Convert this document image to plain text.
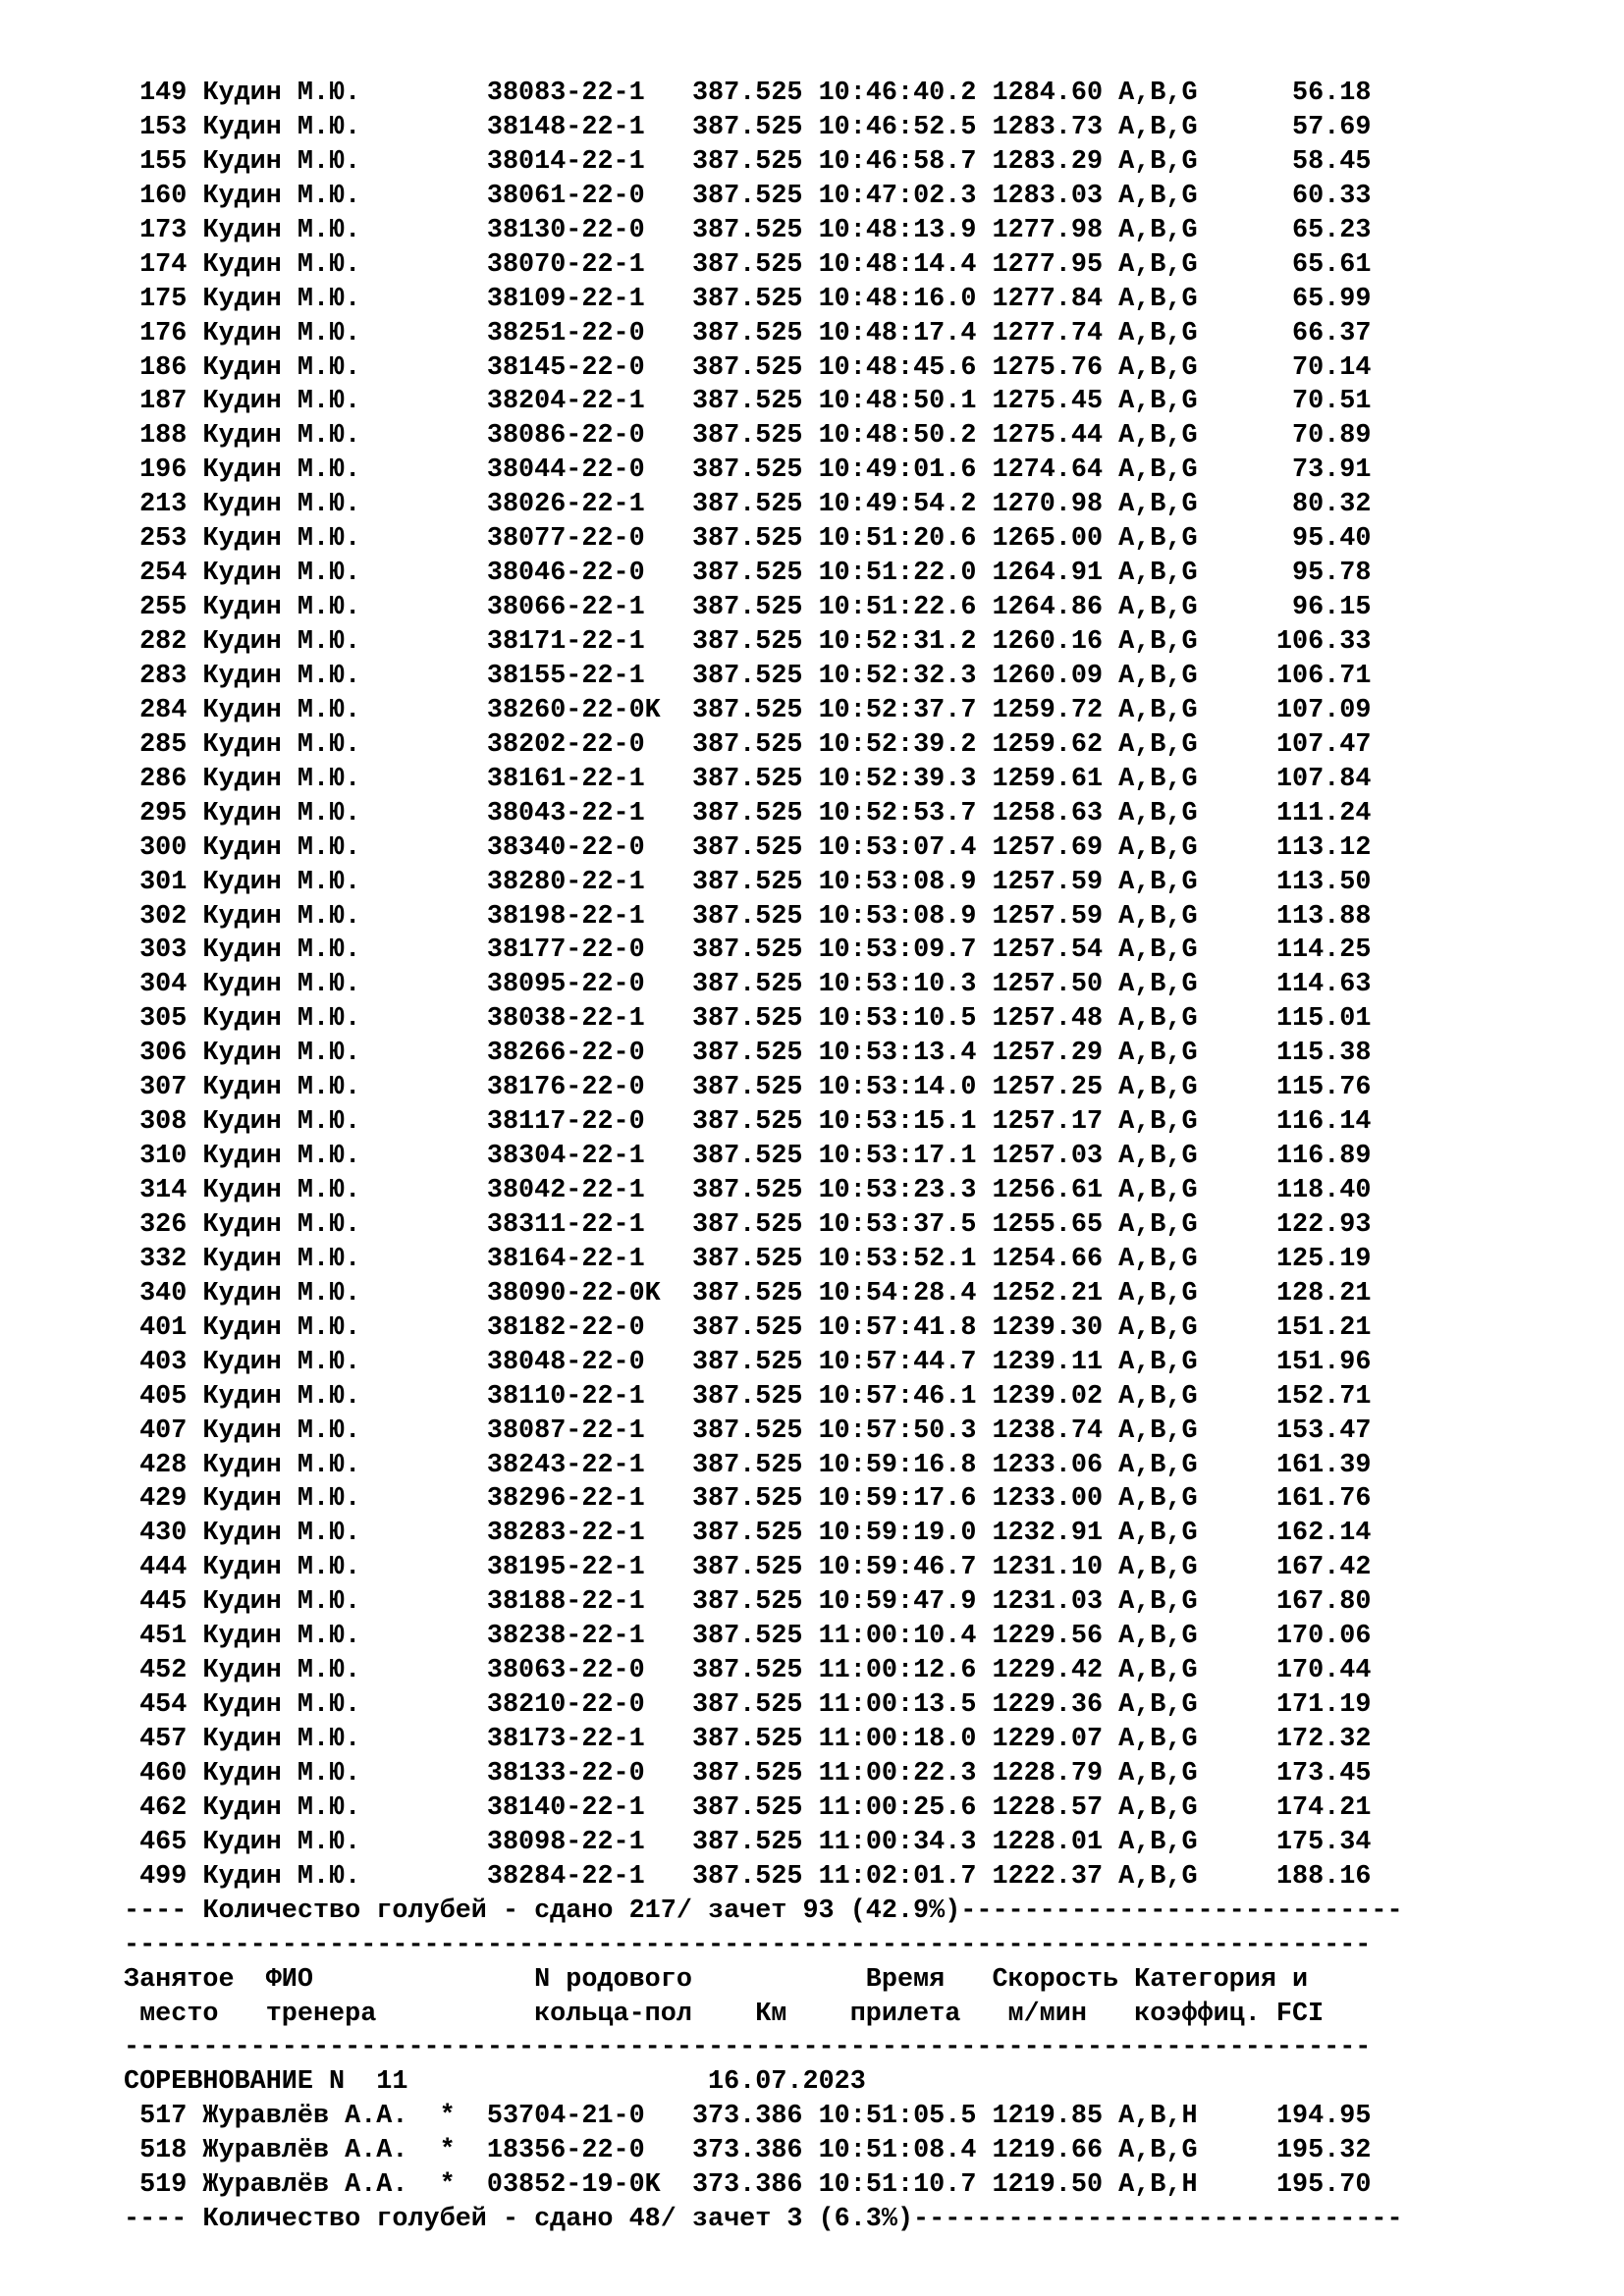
149 Кудин М.Ю.        38083-22-1   387.525 10:46:40.2 1284.60 A,B,G      56.18
153 Кудин М.Ю.        38148-22-1   387.525 10:46:52.5 1283.73 A,B,G      57.69
155 Кудин М.Ю.        38014-22-1   387.525 10:46:58.7 1283.29 A,B,G      58.45
160 Кудин М.Ю.        38061-22-0   387.525 10:47:02.3 1283.03 A,B,G      60.33
173 Кудин М.Ю.        38130-22-0   387.525 10:48:13.9 1277.98 A,B,G      65.23
174 Кудин М.Ю.        38070-22-1   387.525 10:48:14.4 1277.95 A,B,G      65.61
175 Кудин М.Ю.        38109-22-1   387.525 10:48:16.0 1277.84 A,B,G      65.99
176 Кудин М.Ю.        38251-22-0   387.525 10:48:17.4 1277.74 A,B,G      66.37
186 Кудин М.Ю.        38145-22-0   387.525 10:48:45.6 1275.76 A,B,G      70.14
187 Кудин М.Ю.        38204-22-1   387.525 10:48:50.1 1275.45 A,B,G      70.51
188 Кудин М.Ю.        38086-22-0   387.525 10:48:50.2 1275.44 A,B,G      70.89
196 Кудин М.Ю.        38044-22-0   387.525 10:49:01.6 1274.64 A,B,G      73.91
213 Кудин М.Ю.        38026-22-1   387.525 10:49:54.2 1270.98 A,B,G      80.32
253 Кудин М.Ю.        38077-22-0   387.525 10:51:20.6 1265.00 A,B,G      95.40
254 Кудин М.Ю.        38046-22-0   387.525 10:51:22.0 1264.91 A,B,G      95.78
255 Кудин М.Ю.        38066-22-1   387.525 10:51:22.6 1264.86 A,B,G      96.15
282 Кудин М.Ю.        38171-22-1   387.525 10:52:31.2 1260.16 A,B,G     106.33
283 Кудин М.Ю.        38155-22-1   387.525 10:52:32.3 1260.09 A,B,G     106.71
284 Кудин М.Ю.        38260-22-0K  387.525 10:52:37.7 1259.72 A,B,G     107.09
285 Кудин М.Ю.        38202-22-0   387.525 10:52:39.2 1259.62 A,B,G     107.47
286 Кудин М.Ю.        38161-22-1   387.525 10:52:39.3 1259.61 A,B,G     107.84
295 Кудин М.Ю.        38043-22-1   387.525 10:52:53.7 1258.63 A,B,G     111.24
300 Кудин М.Ю.        38340-22-0   387.525 10:53:07.4 1257.69 A,B,G     113.12
301 Кудин М.Ю.        38280-22-1   387.525 10:53:08.9 1257.59 A,B,G     113.50
302 Кудин М.Ю.        38198-22-1   387.525 10:53:08.9 1257.59 A,B,G     113.88
303 Кудин М.Ю.        38177-22-0   387.525 10:53:09.7 1257.54 A,B,G     114.25
304 Кудин М.Ю.        38095-22-0   387.525 10:53:10.3 1257.50 A,B,G     114.63
305 Кудин М.Ю.        38038-22-1   387.525 10:53:10.5 1257.48 A,B,G     115.01
306 Кудин М.Ю.        38266-22-0   387.525 10:53:13.4 1257.29 A,B,G     115.38
307 Кудин М.Ю.        38176-22-0   387.525 10:53:14.0 1257.25 A,B,G     115.76
308 Кудин М.Ю.        38117-22-0   387.525 10:53:15.1 1257.17 A,B,G     116.14
310 Кудин М.Ю.        38304-22-1   387.525 10:53:17.1 1257.03 A,B,G     116.89
314 Кудин М.Ю.        38042-22-1   387.525 10:53:23.3 1256.61 A,B,G     118.40
326 Кудин М.Ю.        38311-22-1   387.525 10:53:37.5 1255.65 A,B,G     122.93
332 Кудин М.Ю.        38164-22-1   387.525 10:53:52.1 1254.66 A,B,G     125.19
340 Кудин М.Ю.        38090-22-0K  387.525 10:54:28.4 1252.21 A,B,G     128.21
401 Кудин М.Ю.        38182-22-0   387.525 10:57:41.8 1239.30 A,B,G     151.21
403 Кудин М.Ю.        38048-22-0   387.525 10:57:44.7 1239.11 A,B,G     151.96
405 Кудин М.Ю.        38110-22-1   387.525 10:57:46.1 1239.02 A,B,G     152.71
407 Кудин М.Ю.        38087-22-1   387.525 10:57:50.3 1238.74 A,B,G     153.47
428 Кудин М.Ю.        38243-22-1   387.525 10:59:16.8 1233.06 A,B,G     161.39
429 Кудин М.Ю.        38296-22-1   387.525 10:59:17.6 1233.00 A,B,G     161.76
430 Кудин М.Ю.        38283-22-1   387.525 10:59:19.0 1232.91 A,B,G     162.14
444 Кудин М.Ю.        38195-22-1   387.525 10:59:46.7 1231.10 A,B,G     167.42
445 Кудин М.Ю.        38188-22-1   387.525 10:59:47.9 1231.03 A,B,G     167.80
451 Кудин М.Ю.        38238-22-1   387.525 11:00:10.4 1229.56 A,B,G     170.06
452 Кудин М.Ю.        38063-22-0   387.525 11:00:12.6 1229.42 A,B,G     170.44
454 Кудин М.Ю.        38210-22-0   387.525 11:00:13.5 1229.36 A,B,G     171.19
457 Кудин М.Ю.        38173-22-1   387.525 11:00:18.0 1229.07 A,B,G     172.32
460 Кудин М.Ю.        38133-22-0   387.525 11:00:22.3 1228.79 A,B,G     173.45
462 Кудин М.Ю.        38140-22-1   387.525 11:00:25.6 1228.57 A,B,G     174.21
465 Кудин М.Ю.        38098-22-1   387.525 11:00:34.3 1228.01 A,B,G     175.34
499 Кудин М.Ю.        38284-22-1   387.525 11:02:01.7 1222.37 A,B,G     188.16
---- Количество голубей - сдано 217/ зачет 93 (42.9%)----------------------------
-------------------------------------------------------------------------------
Занятое  ФИО              N родового           Время   Скорость Категория и
место   тренера          кольца-пол    Км    прилета   м/мин   коэффиц. FCI
-------------------------------------------------------------------------------
СОРЕВНОВАНИЕ N  11	16.07.2023
517 Журавлёв А.А.  *  53704-21-0   373.386 10:51:05.5 1219.85 A,B,H     194.95
518 Журавлёв А.А.  *  18356-22-0   373.386 10:51:08.4 1219.66 A,B,G     195.32
519 Журавлёв А.А.  *  03852-19-0K  373.386 10:51:10.7 1219.50 A,B,H     195.70
---- Количество голубей - сдано 48/ зачет 3 (6.3%)-------------------------------
